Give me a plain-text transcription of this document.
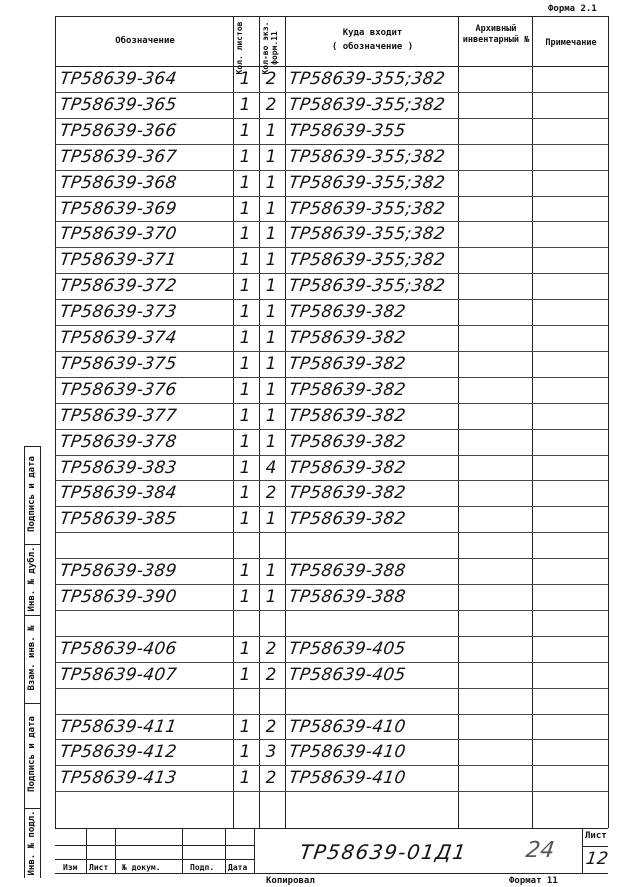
Форма 2.1
Подпись и дата
Инв. № дубл.
Взам. инв. №
Подпись и дата
Инв. № подл.
Обозначение	Кол. листов	Кол-во экз. форм.11	Куда входит
( обозначение )
Архивный инвентарный №	Примечание
ТР58639-364	1 2 ТР58639-355;382
ТР58639-365	1 2 ТР58639-355;382
ТР58639-366	1 1 ТР58639-355
ТР58639-367	1 1 ТР58639-355;382
ТР58639-368	1 1 ТР58639-355;382
ТР58639-369	1 1 ТР58639-355;382
ТР58639-370	1 1 ТР58639-355;382
ТР58639-371	1 1 ТР58639-355;382
ТР58639-372	1 1 ТР58639-355;382
ТР58639-373	1 1 ТР58639-382
ТР58639-374	1 1 ТР58639-382
ТР58639-375	1 1 ТР58639-382
ТР58639-376	1 1 ТР58639-382
ТР58639-377	1 1 ТР58639-382
ТР58639-378	1 1 ТР58639-382
ТР58639-383	1 4 ТР58639-382
ТР58639-384	1 2 ТР58639-382
ТР58639-385	1 1 ТР58639-382
ТР58639-389	1 1 ТР58639-388
ТР58639-390	1 1 ТР58639-388
ТР58639-406	1 2 ТР58639-405
ТР58639-407	1 2 ТР58639-405
ТР58639-411	1 2 ТР58639-410
ТР58639-412	1 3 ТР58639-410
ТР58639-413	1 2 ТР58639-410
Изм Лист № докум.	Подп. Дата
ТР58639-01Д1	24
Лист
12
Копировал	Формат 11
